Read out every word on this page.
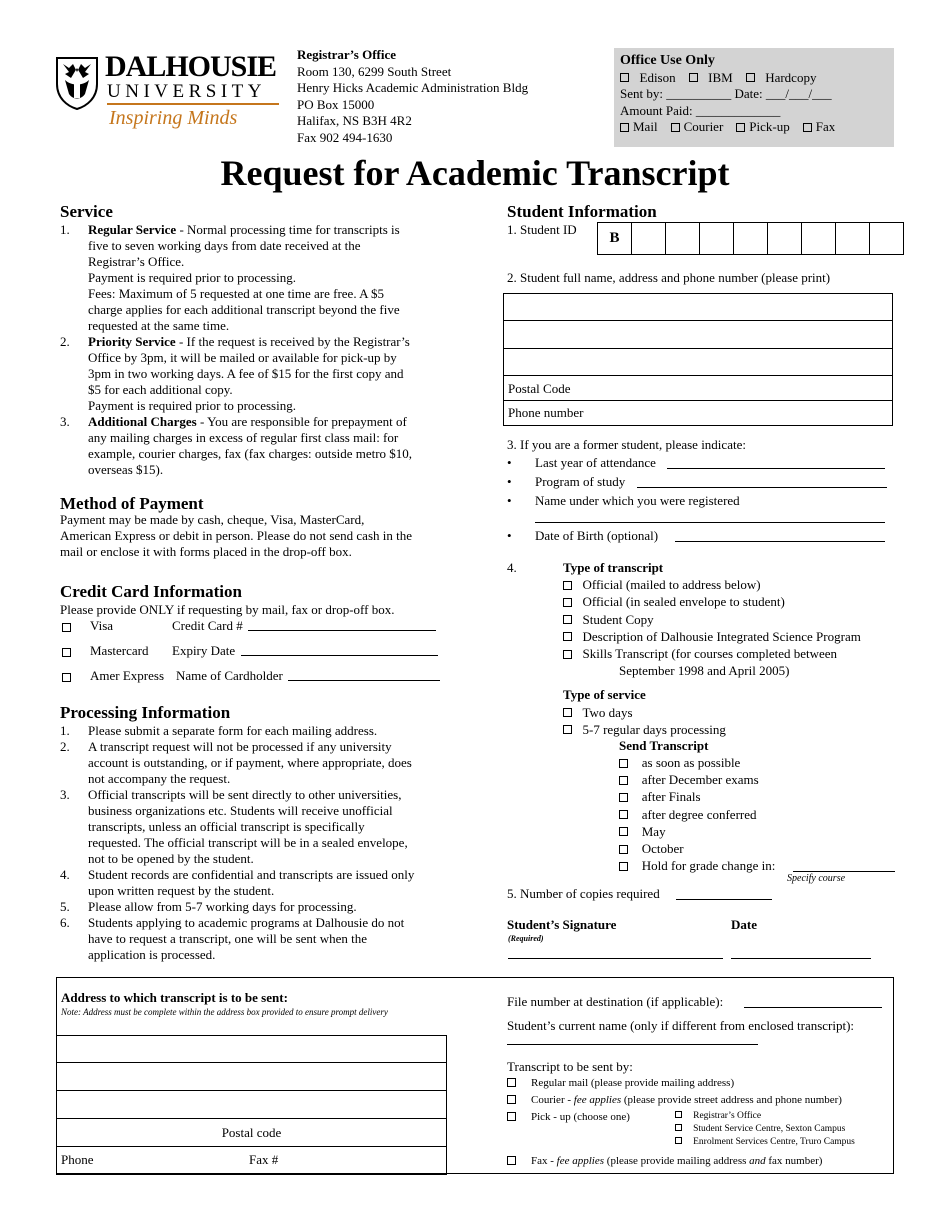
DALHOUSIE
UNIVERSITY
Inspiring Minds
Registrar’s Office
Room 130, 6299 South Street
Henry Hicks Academic Administration Bldg
PO Box 15000
Halifax, NS B3H 4R2
Fax 902 494-1630
Office Use Only
Edison	IBM	Hardcopy
Sent by: __________ Date: ___/___/___
Amount Paid: _____________
Mail Courier Pick-up Fax
Request for Academic Transcript
Service
1. Regular Service - Normal processing time for transcripts is
five to seven working days from date received at the
Registrar’s Office.
Payment is required prior to processing.
Fees: Maximum of 5 requested at one time are free. A $5
charge applies for each additional transcript beyond the five
requested at the same time.
2. Priority Service - If the request is received by the Registrar’s
Office by 3pm, it will be mailed or available for pick-up by
3pm in two working days. A fee of $15 for the first copy and
$5 for each additional copy.
Payment is required prior to processing.
3. Additional Charges - You are responsible for prepayment of
any mailing charges in excess of regular first class mail: for
example, courier charges, fax (fax charges: outside metro $10,
overseas $15).
Method of Payment
Payment may be made by cash, cheque, Visa, MasterCard,
American Express or debit in person. Please do not send cash in the
mail or enclose it with forms placed in the drop-off box.
Credit Card Information
Please provide ONLY if requesting by mail, fax or drop-off box.
Visa	Credit Card #
Mastercard Expiry Date
Amer Express Name of Cardholder
Processing Information
1. Please submit a separate form for each mailing address.
2. A transcript request will not be processed if any university
account is outstanding, or if payment, where appropriate, does
not accompany the request.
3. Official transcripts will be sent directly to other universities,
business organizations etc. Students will receive unofficial
transcripts, unless an official transcript is specifically
requested. The official transcript will be in a sealed envelope,
not to be opened by the student.
4. Student records are confidential and transcripts are issued only
upon written request by the student.
5. Please allow from 5-7 working days for processing.
6. Students applying to academic programs at Dalhousie do not
have to request a transcript, one will be sent when the
application is processed.
Student Information
1. Student ID
B
2. Student full name, address and phone number (please print)
Postal Code
Phone number
3. If you are a former student, please indicate:
• Last year of attendance
• Program of study
• Name under which you were registered
• Date of Birth (optional)
4.	Type of transcript
Official (mailed to address below)
Official (in sealed envelope to student)
Student Copy
Description of Dalhousie Integrated Science Program
Skills Transcript (for courses completed between
September 1998 and April 2005)
Type of service
Two days
5-7 regular days processing
Send Transcript
as soon as possible
after December exams
after Finals
after degree conferred
May
October
Hold for grade change in:
Specify course
5. Number of copies required
Student’s Signature
(Required)
Date
Address to which transcript is to be sent:
Note: Address must be complete within the address box provided to ensure prompt delivery
Postal code
Phone	Fax #
File number at destination (if applicable):
Student’s current name (only if different from enclosed transcript):
Transcript to be sent by:
Regular mail (please provide mailing address)
Courier - fee applies (please provide street address and phone number)
Pick - up (choose one)	Registrar’s Office
Student Service Centre, Sexton Campus
Enrolment Services Centre, Truro Campus
Fax - fee applies (please provide mailing address and fax number)
